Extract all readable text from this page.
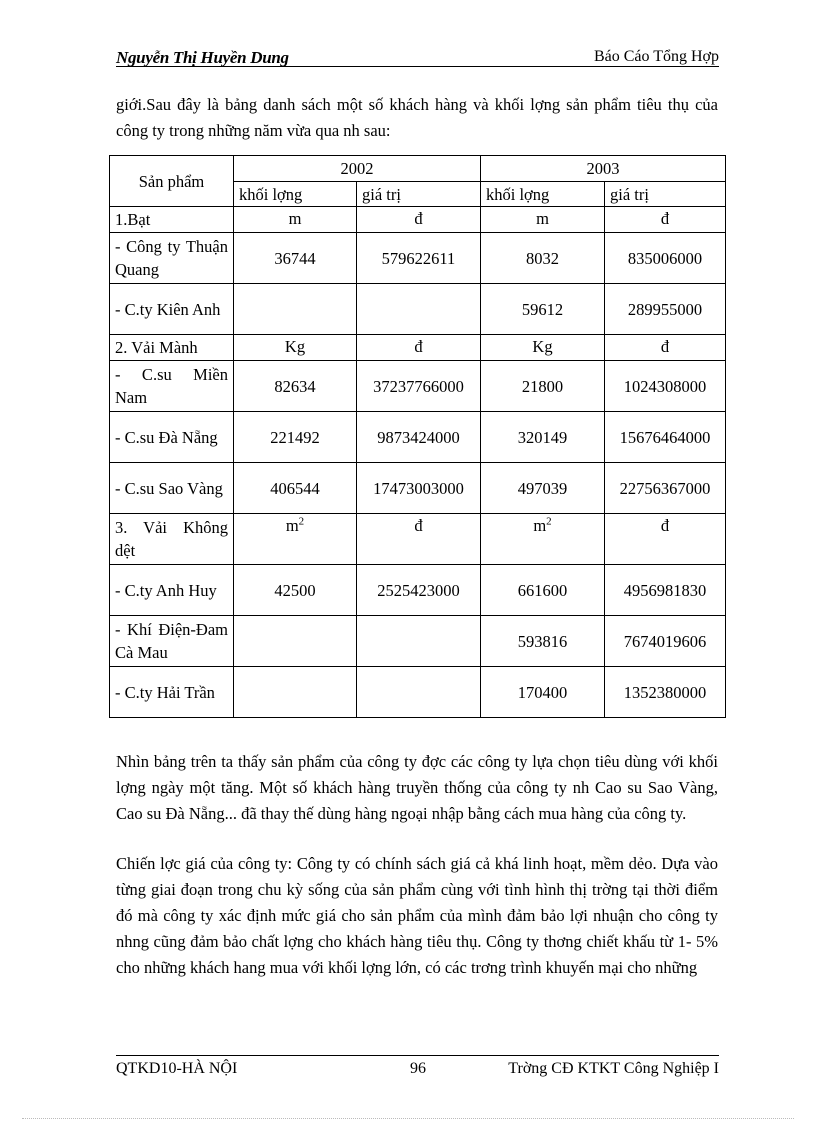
Nguyễn Thị Huyền Dung	Báo Cáo Tổng Hợp
giới.Sau đây là bảng danh sách một số khách hàng và khối lợng sản phẩm tiêu thụ của công ty trong những năm vừa qua nh sau:
Sản phẩm	2002		2003	
	khối lợng	giá trị	khối lợng	giá trị
1.Bạt	m	đ	m	đ
- Công ty Thuận Quang	36744	579622611	8032	835006000
- C.ty Kiên Anh			59612	289955000
2. Vải Mành	Kg	đ	Kg	đ
- C.su Miền Nam	82634	37237766000	21800	1024308000
- C.su Đà Nẵng	221492	9873424000	320149	15676464000
- C.su Sao Vàng	406544	17473003000	497039	22756367000
3. Vải Không dệt	$m^2$	đ	$m^2$	đ
- C.ty Anh Huy	42500	2525423000	661600	4956981830
- Khí Điện-Đam Cà Mau			593816	7674019606
- C.ty Hải Trần			170400	1352380000
Nhìn bảng trên ta thấy sản phẩm của công ty đợc các công ty lựa chọn tiêu dùng với khối lợng ngày một tăng. Một số khách hàng truyền thống của công ty nh Cao su Sao Vàng, Cao su Đà Nẵng... đã thay thế dùng hàng ngoại nhập bằng cách mua hàng của công ty.
Chiến lợc giá của công ty: Công ty có chính sách giá cả khá linh hoạt, mềm dẻo. Dựa vào từng giai đoạn trong chu kỳ sống của sản phẩm cùng với tình hình thị trờng tại thời điểm đó mà công ty xác định mức giá cho sản phẩm của mình đảm bảo lợi nhuận cho công ty nhng cũng đảm bảo chất lợng cho khách hàng tiêu thụ. Công ty thơng chiết khấu từ 1- 5% cho những khách hang mua với khối lợng lớn, có các trơng trình khuyến mại cho những
QTKD10-HÀ NỘI	96	Trờng CĐ KTKT Công Nghiệp I
